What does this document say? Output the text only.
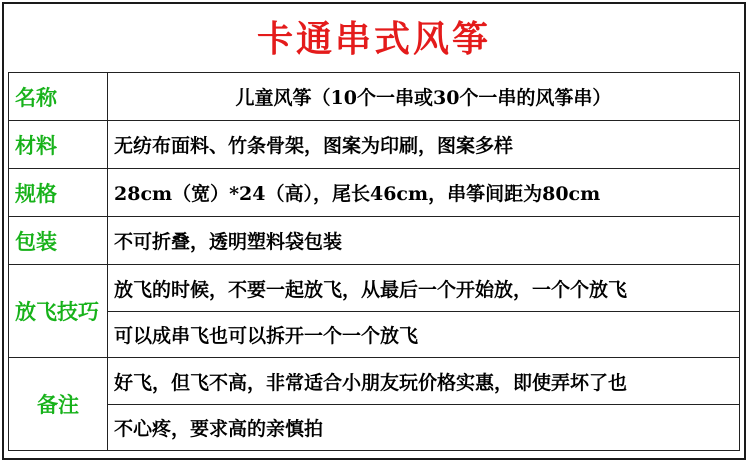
卡通串式风筝
名称	儿童风筝（10个一串或30个一串的风筝串）
材料	无纺布面料、竹条骨架，图案为印刷，图案多样
规格	28cm（宽）*24（高），尾长46cm，串筝间距为80cm
包装	不可折叠，透明塑料袋包装
放飞技巧	放飞的时候，不要一起放飞，从最后一个开始放，一个个放飞
	可以成串飞也可以拆开一个一个放飞
备注	好飞，但飞不高，非常适合小朋友玩价格实惠，即使弄坏了也
	不心疼，要求高的亲慎拍
